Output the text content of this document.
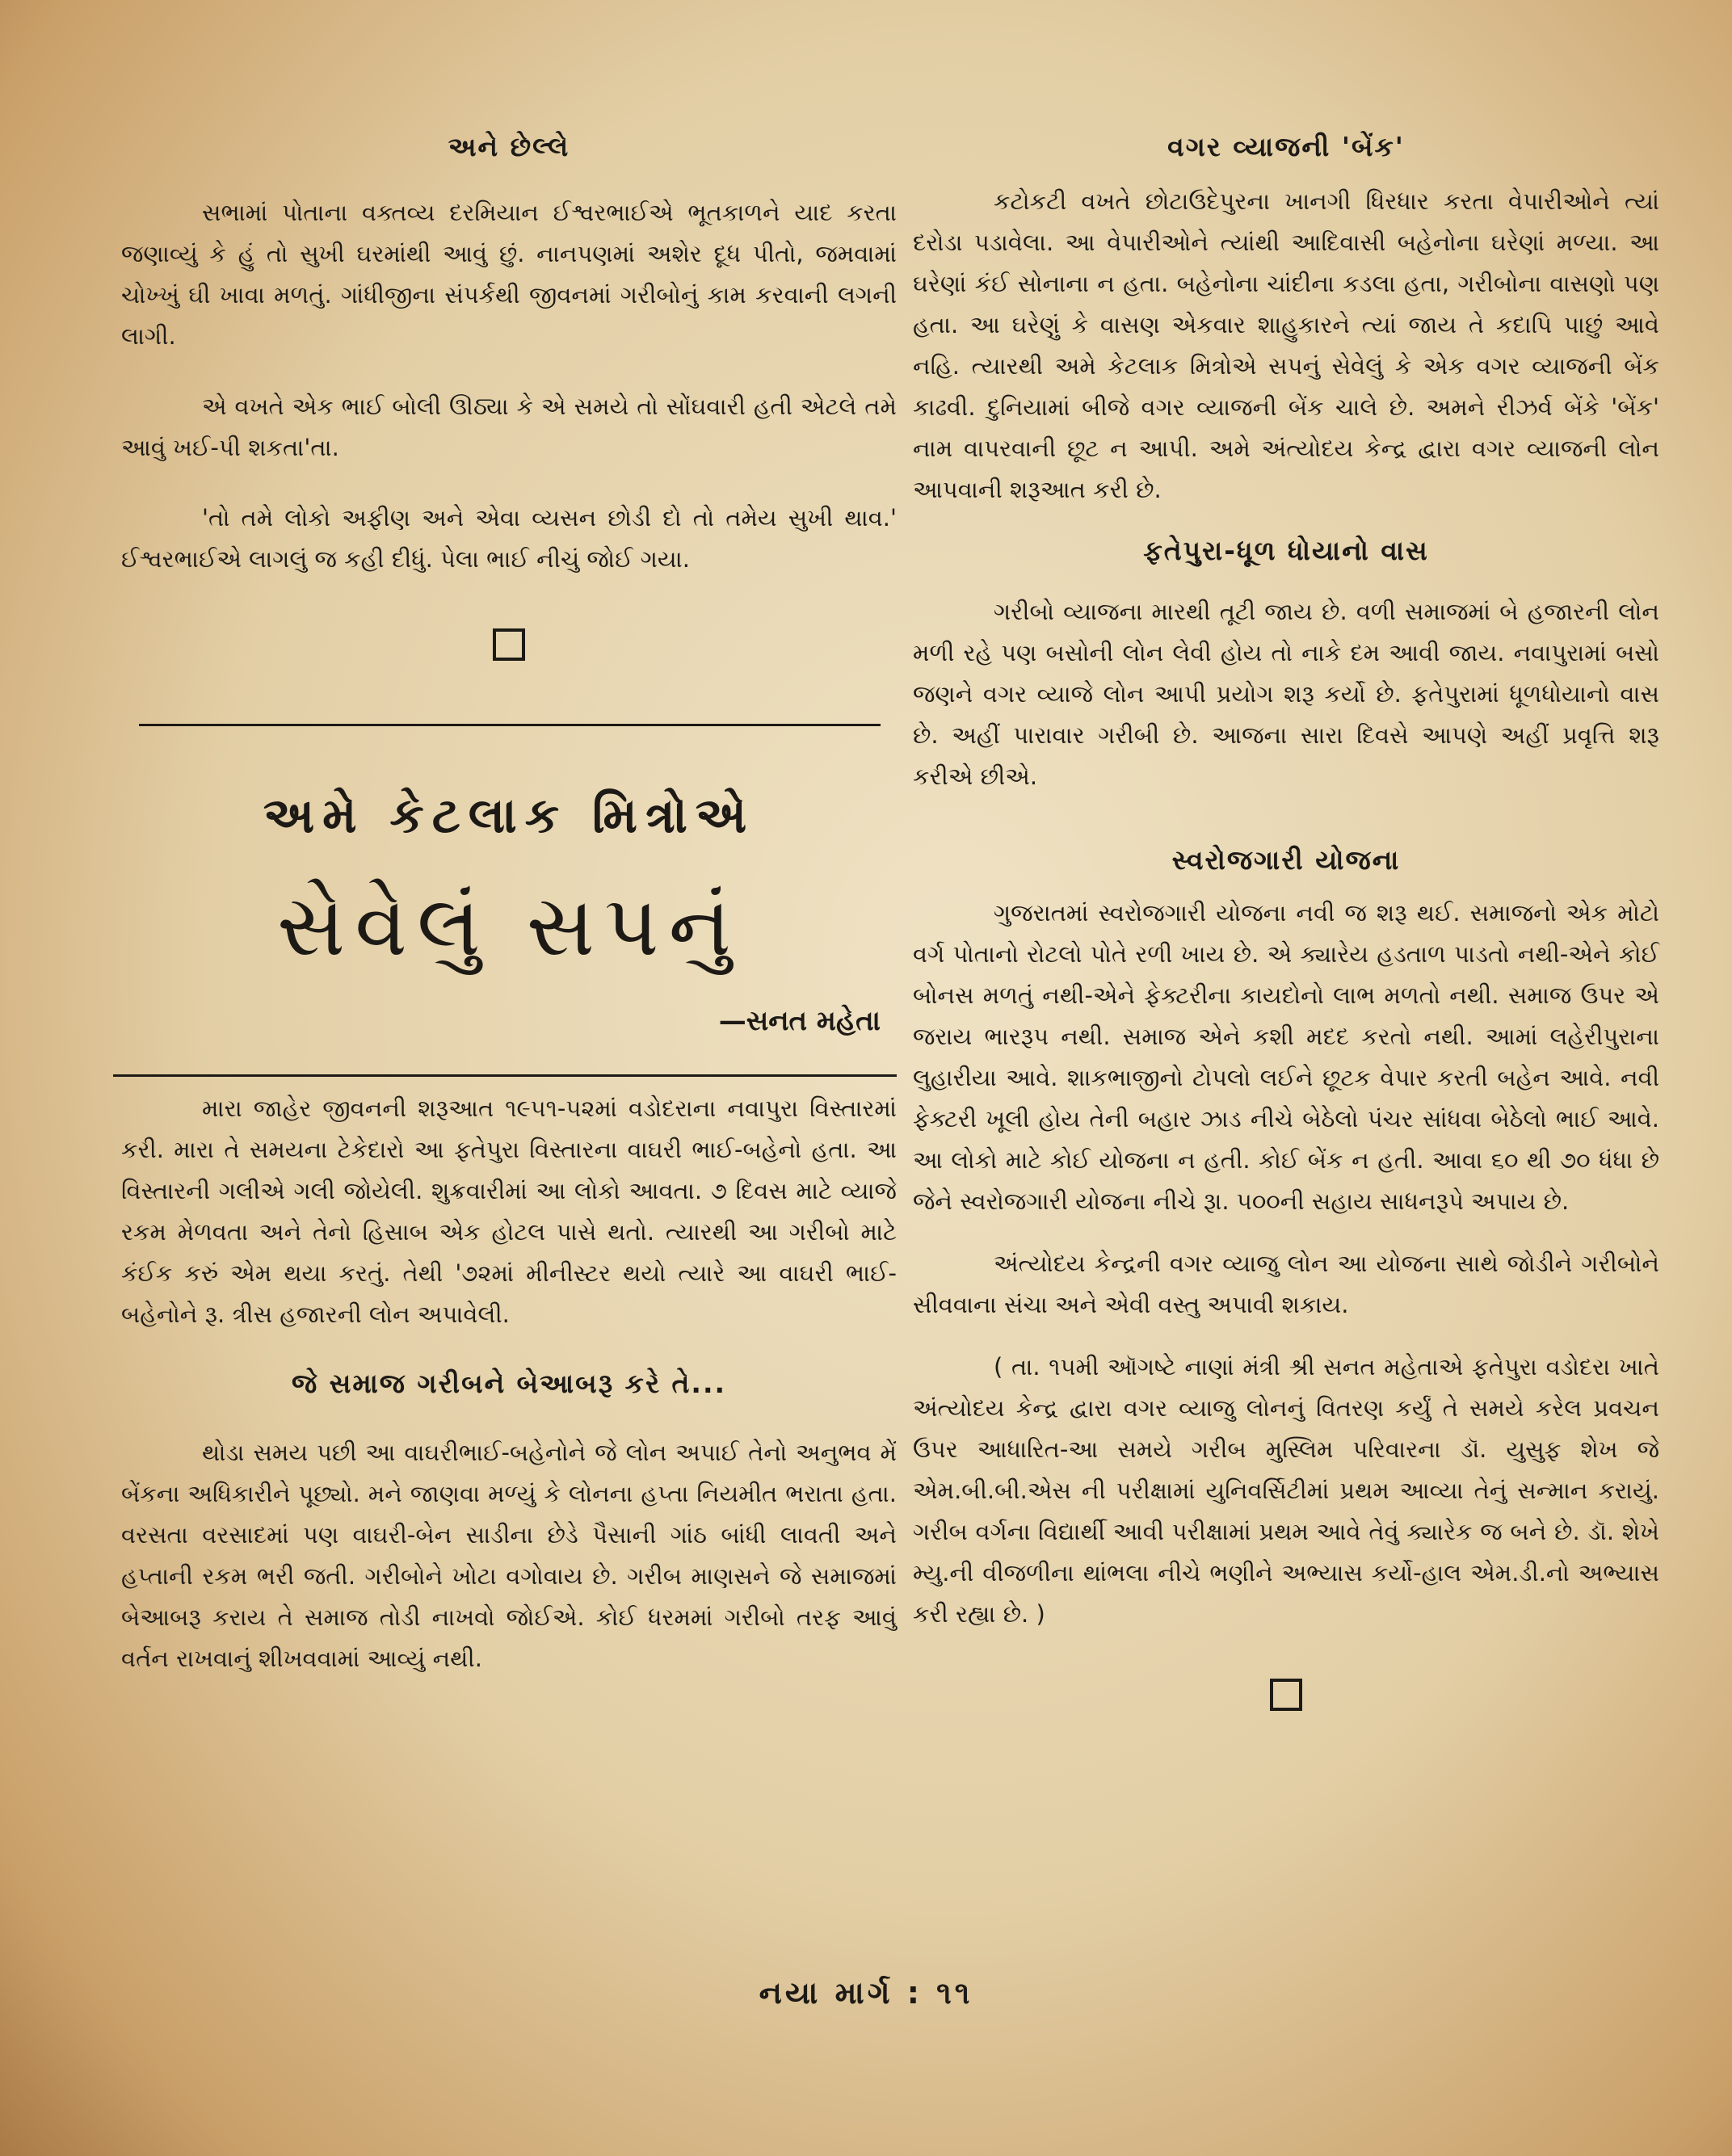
અને છેલ્લે

સભામાં પોતાના વક્તવ્ય દરમિયાન ઈશ્વરભાઈએ ભૂતકાળને યાદ કરતા જણાવ્યું કે હું તો સુખી ઘરમાંથી આવું છું. નાનપણમાં અશેર દૂધ પીતો, જમવામાં ચોખ્ખું ઘી ખાવા મળતું. ગાંધીજીના સંપર્કથી જીવનમાં ગરીબોનું કામ કરવાની લગની લાગી.

એ વખતે એક ભાઈ બોલી ઊઠ્યા કે એ સમયે તો સોંઘવારી હતી એટલે તમે આવું ખઈ-પી શકતા'તા.

'તો તમે લોકો અફીણ અને એવા વ્યસન છોડી દો તો તમેય સુખી થાવ.' ઈશ્વરભાઈએ લાગલું જ કહી દીધું. પેલા ભાઈ નીચું જોઈ ગયા.

અમે કેટલાક મિત્રોએ

સેવેલું સપનું

—સનત મહેતા

મારા જાહેર જીવનની શરૂઆત ૧૯૫૧-૫૨માં વડોદરાના નવાપુરા વિસ્તારમાં કરી. મારા તે સમયના ટેકેદારો આ ફતેપુરા વિસ્તારના વાઘરી ભાઈ-બહેનો હતા. આ વિસ્તારની ગલીએ ગલી જોયેલી. શુક્રવારીમાં આ લોકો આવતા. ૭ દિવસ માટે વ્યાજે રકમ મેળવતા અને તેનો હિસાબ એક હોટલ પાસે થતો. ત્યારથી આ ગરીબો માટે કંઈક કરું એમ થયા કરતું. તેથી '૭૨માં મીનીસ્ટર થયો ત્યારે આ વાઘરી ભાઈ-બહેનોને રૂ. ત્રીસ હજારની લોન અપાવેલી.

જે સમાજ ગરીબને બેઆબરૂ કરે તે...

થોડા સમય પછી આ વાઘરીભાઈ-બહેનોને જે લોન અપાઈ તેનો અનુભવ મેં બેંકના અધિકારીને પૂછ્યો. મને જાણવા મળ્યું કે લોનના હપ્તા નિયમીત ભરાતા હતા. વરસતા વરસાદમાં પણ વાઘરી-બેન સાડીના છેડે પૈસાની ગાંઠ બાંધી લાવતી અને હપ્તાની રકમ ભરી જતી. ગરીબોને ખોટા વગોવાય છે. ગરીબ માણસને જે સમાજમાં બેઆબરૂ કરાય તે સમાજ તોડી નાખવો જોઈએ. કોઈ ધરમમાં ગરીબો તરફ આવું વર્તન રાખવાનું શીખવવામાં આવ્યું નથી.

વગર વ્યાજની 'બેંક'

કટોકટી વખતે છોટાઉદેપુરના ખાનગી ધિરધાર કરતા વેપારીઓને ત્યાં દરોડા પડાવેલા. આ વેપારીઓને ત્યાંથી આદિવાસી બહેનોના ઘરેણાં મળ્યા. આ ઘરેણાં કંઈ સોનાના ન હતા. બહેનોના ચાંદીના કડલા હતા, ગરીબોના વાસણો પણ હતા. આ ઘરેણું કે વાસણ એકવાર શાહુકારને ત્યાં જાય તે કદાપિ પાછું આવે નહિ. ત્યારથી અમે કેટલાક મિત્રોએ સપનું સેવેલું કે એક વગર વ્યાજની બેંક કાઢવી. દુનિયામાં બીજે વગર વ્યાજની બેંક ચાલે છે. અમને રીઝર્વ બેંકે 'બેંક' નામ વાપરવાની છૂટ ન આપી. અમે અંત્યોદય કેન્દ્ર દ્વારા વગર વ્યાજની લોન આપવાની શરૂઆત કરી છે.

ફતેપુરા-ધૂળ ધોયાનો વાસ

ગરીબો વ્યાજના મારથી તૂટી જાય છે. વળી સમાજમાં બે હજારની લોન મળી રહે પણ બસોની લોન લેવી હોય તો નાકે દમ આવી જાય. નવાપુરામાં બસો જણને વગર વ્યાજે લોન આપી પ્રયોગ શરૂ કર્યો છે. ફતેપુરામાં ધૂળધોયાનો વાસ છે. અહીં પારાવાર ગરીબી છે. આજના સારા દિવસે આપણે અહીં પ્રવૃત્તિ શરૂ કરીએ છીએ.

સ્વરોજગારી યોજના

ગુજરાતમાં સ્વરોજગારી યોજના નવી જ શરૂ થઈ. સમાજનો એક મોટો વર્ગ પોતાનો રોટલો પોતે રળી ખાય છે. એ ક્યારેય હડતાળ પાડતો નથી-એને કોઈ બોનસ મળતું નથી-એને ફેક્ટરીના કાયદોનો લાભ મળતો નથી. સમાજ ઉપર એ જરાય ભારરૂપ નથી. સમાજ એને કશી મદદ કરતો નથી. આમાં લહેરીપુરાના લુહારીયા આવે. શાકભાજીનો ટોપલો લઈને છૂટક વેપાર કરતી બહેન આવે. નવી ફેક્ટરી ખૂલી હોય તેની બહાર ઝાડ નીચે બેઠેલો પંચર સાંધવા બેઠેલો ભાઈ આવે. આ લોકો માટે કોઈ યોજના ન હતી. કોઈ બેંક ન હતી. આવા ૬૦ થી ૭૦ ધંધા છે જેને સ્વરોજગારી યોજના નીચે રૂા. ૫૦૦ની સહાય સાધનરૂપે અપાય છે.

અંત્યોદય કેન્દ્રની વગર વ્યાજુ લોન આ યોજના સાથે જોડીને ગરીબોને સીવવાના સંચા અને એવી વસ્તુ અપાવી શકાય.

( તા. ૧૫મી ઑગષ્ટે નાણાં મંત્રી શ્રી સનત મહેતાએ ફતેપુરા વડોદરા ખાતે અંત્યોદય કેન્દ્ર દ્વારા વગર વ્યાજુ લોનનું વિતરણ કર્યું તે સમયે કરેલ પ્રવચન ઉપર આધારિત-આ સમયે ગરીબ મુસ્લિમ પરિવારના ડૉ. યુસુફ શેખ જે એમ.બી.બી.એસ ની પરીક્ષામાં યુનિવર્સિટીમાં પ્રથમ આવ્યા તેનું સન્માન કરાયું. ગરીબ વર્ગના વિદ્યાર્થી આવી પરીક્ષામાં પ્રથમ આવે તેવું ક્યારેક જ બને છે. ડૉ. શેખે મ્યુ.ની વીજળીના થાંભલા નીચે ભણીને અભ્યાસ કર્યો-હાલ એમ.ડી.નો અભ્યાસ કરી રહ્યા છે. )

નયા માર્ગ : ૧૧
